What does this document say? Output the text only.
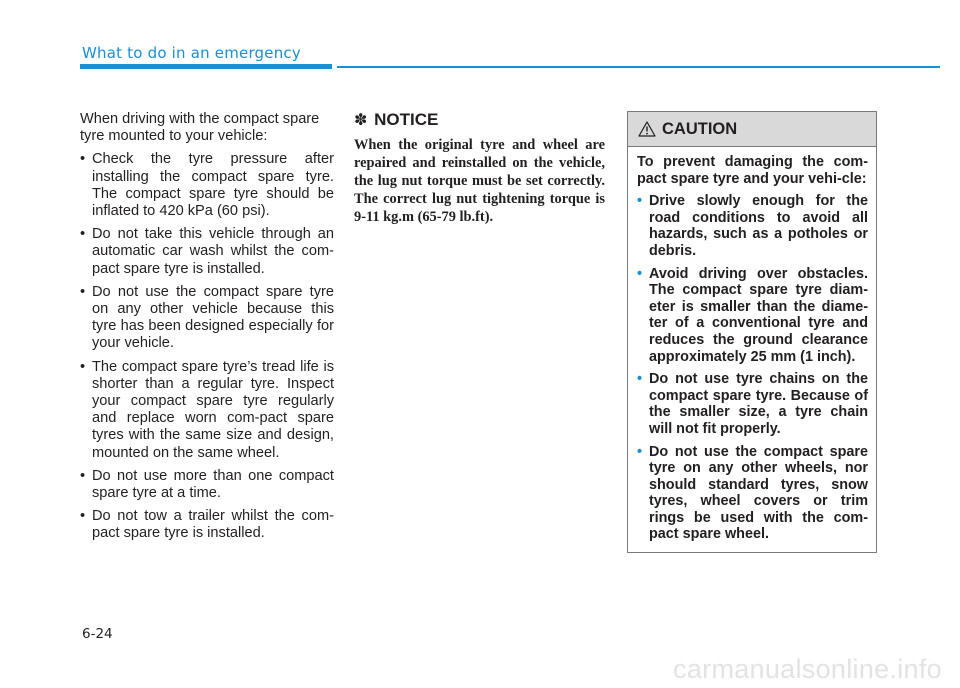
What to do in an emergency

When driving with the compact spare tyre mounted to your vehicle:

• Check the tyre pressure after installing the compact spare tyre. The compact spare tyre should be inflated to 420 kPa (60 psi).
• Do not take this vehicle through an automatic car wash whilst the com-pact spare tyre is installed.
• Do not use the compact spare tyre on any other vehicle because this tyre has been designed especially for your vehicle.
• The compact spare tyre’s tread life is shorter than a regular tyre. Inspect your compact spare tyre regularly and replace worn com-pact spare tyres with the same size and design, mounted on the same wheel.
• Do not use more than one compact spare tyre at a time.
• Do not tow a trailer whilst the com-pact spare tyre is installed.
✽ NOTICE

When the original tyre and wheel are repaired and reinstalled on the vehicle, the lug nut torque must be set correctly. The correct lug nut tightening torque is 9-11 kg.m (65-79 lb.ft).

CAUTION

To prevent damaging the com-pact spare tyre and your vehi-cle:

• Drive slowly enough for the road conditions to avoid all hazards, such as a potholes or debris.
• Avoid driving over obstacles. The compact spare tyre diam-eter is smaller than the diame-ter of a conventional tyre and reduces the ground clearance approximately 25 mm (1 inch).
• Do not use tyre chains on the compact spare tyre. Because of the smaller size, a tyre chain will not fit properly.
• Do not use the compact spare tyre on any other wheels, nor should standard tyres, snow tyres, wheel covers or trim rings be used with the com-pact spare wheel.
6-24
carmanualsonline.info
